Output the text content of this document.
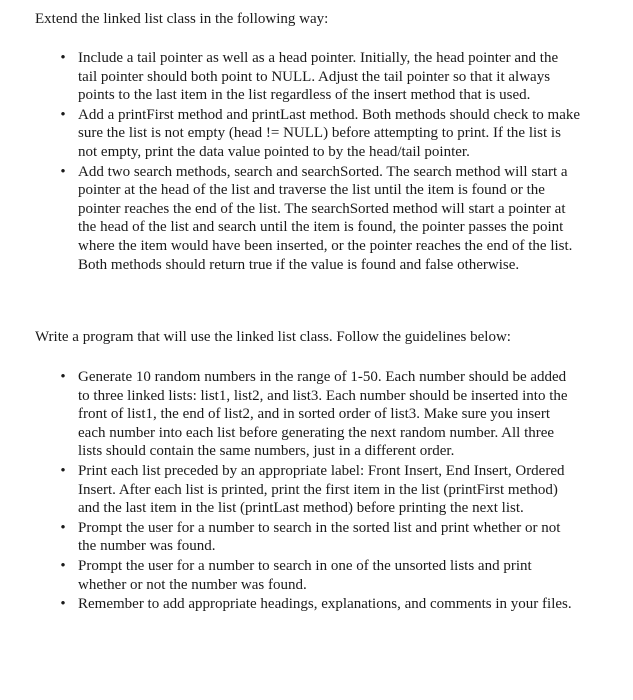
Extend the linked list class in the following way:

• Include a tail pointer as well as a head pointer. Initially, the head pointer and the tail pointer should both point to NULL. Adjust the tail pointer so that it always points to the last item in the list regardless of the insert method that is used.
• Add a printFirst method and printLast method. Both methods should check to make sure the list is not empty (head != NULL) before attempting to print. If the list is not empty, print the data value pointed to by the head/tail pointer.
• Add two search methods, search and searchSorted. The search method will start a pointer at the head of the list and traverse the list until the item is found or the pointer reaches the end of the list. The searchSorted method will start a pointer at the head of the list and search until the item is found, the pointer passes the point where the item would have been inserted, or the pointer reaches the end of the list. Both methods should return true if the value is found and false otherwise.

Write a program that will use the linked list class. Follow the guidelines below:

• Generate 10 random numbers in the range of 1-50. Each number should be added to three linked lists: list1, list2, and list3. Each number should be inserted into the front of list1, the end of list2, and in sorted order of list3. Make sure you insert each number into each list before generating the next random number. All three lists should contain the same numbers, just in a different order.
• Print each list preceded by an appropriate label: Front Insert, End Insert, Ordered Insert. After each list is printed, print the first item in the list (printFirst method) and the last item in the list (printLast method) before printing the next list.
• Prompt the user for a number to search in the sorted list and print whether or not the number was found.
• Prompt the user for a number to search in one of the unsorted lists and print whether or not the number was found.
• Remember to add appropriate headings, explanations, and comments in your files.
